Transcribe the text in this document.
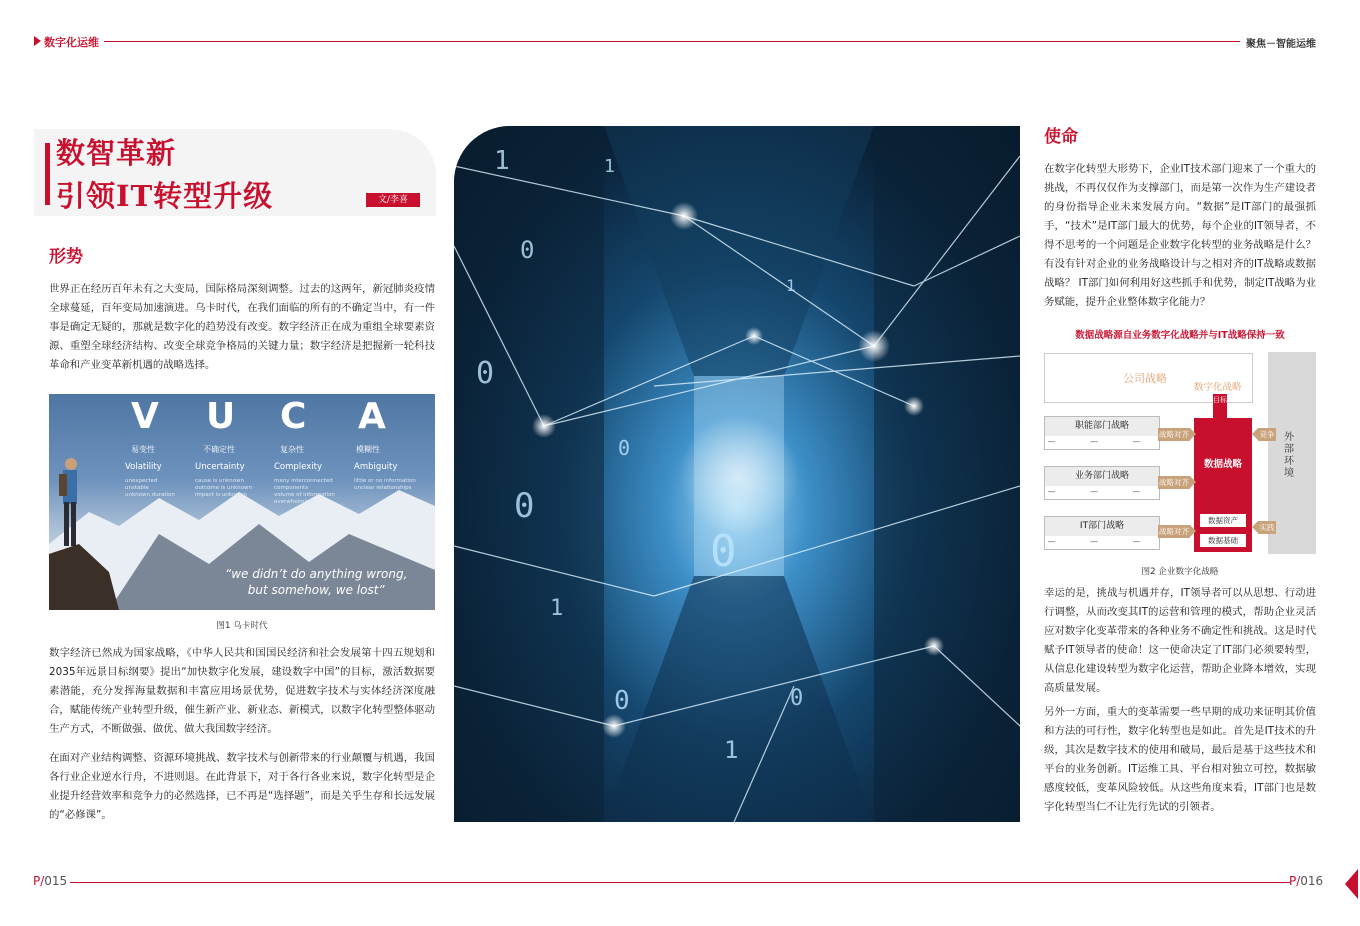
数字化运维	聚焦－智能运维
数智革新
引领IT转型升级	文/李喜
形势
世界正在经历百年未有之大变局，国际格局深刻调整。过去的这两年，新冠肺炎疫情全球蔓延，百年变局加速演进。乌卡时代，在我们面临的所有的不确定当中，有一件事是确定无疑的，那就是数字化的趋势没有改变。数字经济正在成为重组全球要素资源、重塑全球经济结构、改变全球竞争格局的关键力量；数字经济是把握新一轮科技革命和产业变革新机遇的战略选择。
V U C A
易变性	不确定性	复杂性	模糊性
Volatility	Uncertainty	Complexity	Ambiguity
unexpected
unstable
unknown duration
cause is unknown
outcome is unknown
impact is unknown
many interconnected
components
volume of information
overwhelming
little or no information
unclear relationships
“we didn’t do anything wrong,
but somehow, we lost”
图1 乌卡时代
数字经济已然成为国家战略，《中华人民共和国国民经济和社会发展第十四五规划和2035年远景目标纲要》提出“加快数字化发展，建设数字中国”的目标，激活数据要素潜能，充分发挥海量数据和丰富应用场景优势，促进数字技术与实体经济深度融合，赋能传统产业转型升级，催生新产业、新业态、新模式，以数字化转型整体驱动生产方式，不断做强、做优、做大我国数字经济。
在面对产业结构调整、资源环境挑战、数字技术与创新带来的行业颠覆与机遇，我国各行业企业逆水行舟，不进则退。在此背景下，对于各行各业来说，数字化转型是企业提升经营效率和竞争力的必然选择，已不再是“选择题”，而是关乎生存和长远发展的“必修课”。
1
0
0
0
1
1
0
0
1
0
1
0
使命
在数字化转型大形势下，企业IT技术部门迎来了一个重大的挑战，不再仅仅作为支撑部门，而是第一次作为生产建设者的身份指导企业未来发展方向。“数据”是IT部门的最强抓手，“技术”是IT部门最大的优势，每个企业的IT领导者，不得不思考的一个问题是企业数字化转型的业务战略是什么？有没有针对企业的业务战略设计与之相对齐的IT战略或数据战略？ IT部门如何利用好这些抓手和优势，制定IT战略为业务赋能，提升企业整体数字化能力？
数据战略源自业务数字化战略并与IT战略保持一致
公司战略
数字化战略
目标
外部环境
数据战略
数据资产
数据基础
职能部门战略
— — —
业务部门战略
— — —
IT部门战略
— — —
战略对齐
战略对齐
战略对齐
竞争
实践
图2 企业数字化战略
幸运的是，挑战与机遇并存，IT领导者可以从思想、行动进行调整，从而改变其IT的运营和管理的模式，帮助企业灵活应对数字化变革带来的各种业务不确定性和挑战。这是时代赋予IT领导者的使命！这一使命决定了IT部门必须要转型，从信息化建设转型为数字化运营，帮助企业降本增效，实现高质量发展。
另外一方面，重大的变革需要一些早期的成功来证明其价值和方法的可行性，数字化转型也是如此。首先是IT技术的升级，其次是数字技术的使用和破局，最后是基于这些技术和平台的业务创新。IT运维工具、平台相对独立可控，数据敏感度较低，变革风险较低。从这些角度来看，IT部门也是数字化转型当仁不让先行先试的引领者。
P/015	P/016
